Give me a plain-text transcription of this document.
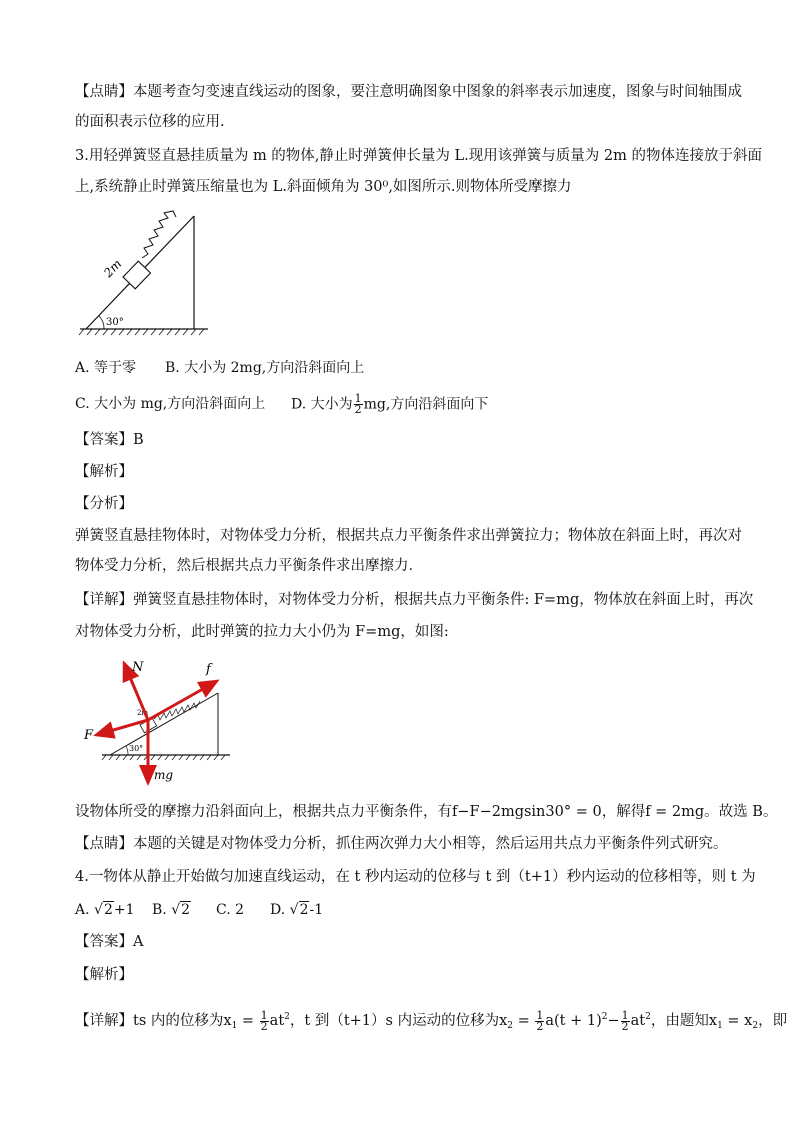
【点睛】本题考查匀变速直线运动的图象，要注意明确图象中图象的斜率表示加速度，图象与时间轴围成
的面积表示位移的应用.
3.用轻弹簧竖直悬挂质量为 m 的物体,静止时弹簧伸长量为 L.现用该弹簧与质量为 2m 的物体连接放于斜面
上,系统静止时弹簧压缩量也为 L.斜面倾角为 30⁰,如图所示.则物体所受摩擦力
30°
2m
A. 等于零 B. 大小为 2mg,方向沿斜面向上
C. 大小为 mg,方向沿斜面向上 D. 大小为 $\frac{1}{2}$ mg,方向沿斜面向下
【答案】B
【解析】
【分析】
弹簧竖直悬挂物体时，对物体受力分析，根据共点力平衡条件求出弹簧拉力；物体放在斜面上时，再次对
物体受力分析，然后根据共点力平衡条件求出摩擦力．
【详解】弹簧竖直悬挂物体时，对物体受力分析，根据共点力平衡条件: F=mg，物体放在斜面上时，再次
对物体受力分析，此时弹簧的拉力大小仍为 F=mg，如图:
30°
2m
N	f
F
mg
设物体所受的摩擦力沿斜面向上，根据共点力平衡条件，有f−F−2mgsin30° = 0，解得f = 2mg。故选 B。
【点睛】本题的关键是对物体受力分析，抓住两次弹力大小相等，然后运用共点力平衡条件列式研究。
4.一物体从静止开始做匀加速直线运动，在 t 秒内运动的位移与 t 到（t+1）秒内运动的位移相等，则 t 为
A. √2+1 B. √2 C. 2 D. √2-1
【答案】A
【解析】
【详解】ts 内的位移为$x_1 = \frac{1}{2} at^2$，t 到（t+1）s 内运动的位移为$x_2 = \frac{1}{2} a(t + 1)^2- \frac{1}{2} at^2$，由题知$x_1 = x_2$，即
